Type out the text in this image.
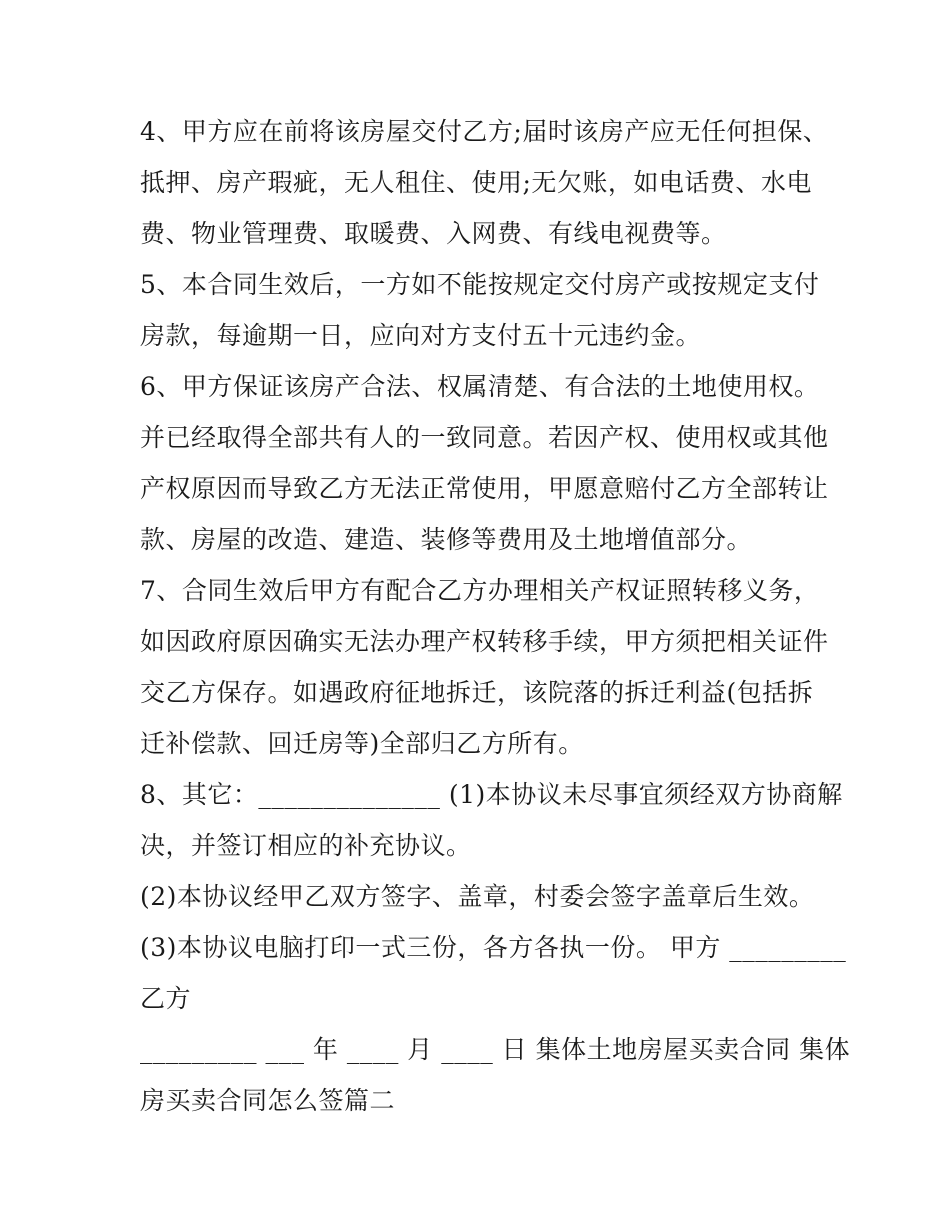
4、甲方应在前将该房屋交付乙方;届时该房产应无任何担保、
抵押、房产瑕疵，无人租住、使用;无欠账，如电话费、水电
费、物业管理费、取暖费、入网费、有线电视费等。
5、本合同生效后，一方如不能按规定交付房产或按规定支付
房款，每逾期一日，应向对方支付五十元违约金。
6、甲方保证该房产合法、权属清楚、有合法的土地使用权。
并已经取得全部共有人的一致同意。若因产权、使用权或其他
产权原因而导致乙方无法正常使用，甲愿意赔付乙方全部转让
款、房屋的改造、建造、装修等费用及土地增值部分。
7、合同生效后甲方有配合乙方办理相关产权证照转移义务，
如因政府原因确实无法办理产权转移手续，甲方须把相关证件
交乙方保存。如遇政府征地拆迁，该院落的拆迁利益(包括拆
迁补偿款、回迁房等)全部归乙方所有。
8、其它：______________ (1)本协议未尽事宜须经双方协商解
决，并签订相应的补充协议。
(2)本协议经甲乙双方签字、盖章，村委会签字盖章后生效。
(3)本协议电脑打印一式三份，各方各执一份。 甲方 _________
乙方
_________ ___ 年 ____ 月 ____ 日 集体土地房屋买卖合同 集体
房买卖合同怎么签篇二
